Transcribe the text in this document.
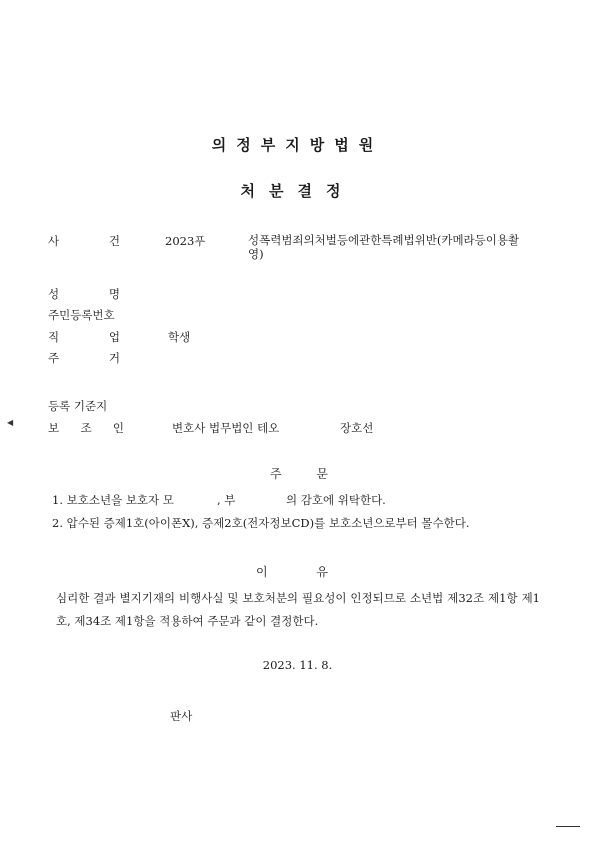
의정부지방법원
처분결정
사	건	2023푸	성폭력범죄의처벌등에관한특례법위반(카메라등이용촬영)
성	명
주민등록번호
직	업	학생
주	거
등록 기준지
보 조 인	변호사 법무법인 테오	장호선
◀
주	문
1. 보호소년을 보호자 모	, 부	의 감호에 위탁한다.
2. 압수된 증제1호(아이폰X), 증제2호(전자정보CD)를 보호소년으로부터 몰수한다.
이	유
심리한 결과 별지기재의 비행사실 및 보호처분의 필요성이 인정되므로 소년법 제32조 제1항 제1호, 제34조 제1항을 적용하여 주문과 같이 결정한다.
2023. 11. 8.
판사
